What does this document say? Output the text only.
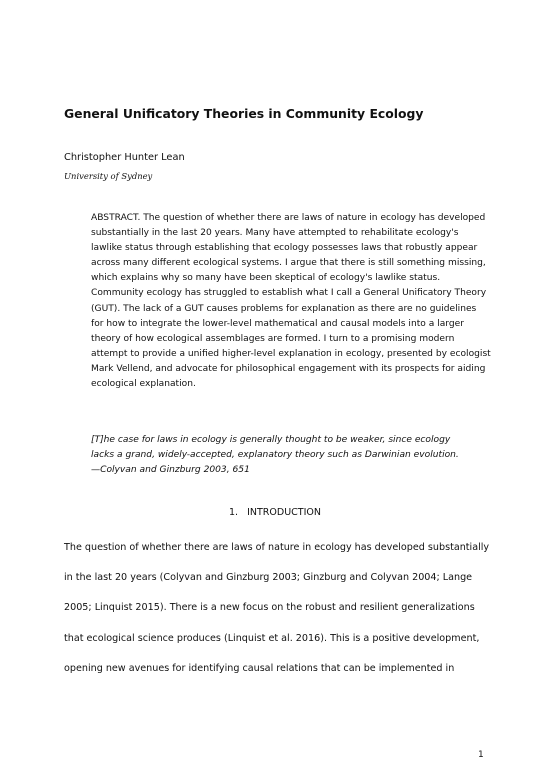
General Unificatory Theories in Community Ecology
Christopher Hunter Lean
University of Sydney

ABSTRACT. The question of whether there are laws of nature in ecology has developed substantially in the last 20 years. Many have attempted to rehabilitate ecology's lawlike status through establishing that ecology possesses laws that robustly appear across many different ecological systems. I argue that there is still something missing, which explains why so many have been skeptical of ecology's lawlike status. Community ecology has struggled to establish what I call a General Unificatory Theory (GUT). The lack of a GUT causes problems for explanation as there are no guidelines for how to integrate the lower-level mathematical and causal models into a larger theory of how ecological assemblages are formed. I turn to a promising modern attempt to provide a unified higher-level explanation in ecology, presented by ecologist Mark Vellend, and advocate for philosophical engagement with its prospects for aiding ecological explanation.

[T]he case for laws in ecology is generally thought to be weaker, since ecology
lacks a grand, widely-accepted, explanatory theory such as Darwinian evolution.
—Colyvan and Ginzburg 2003, 651
1. INTRODUCTION
The question of whether there are laws of nature in ecology has developed substantially
in the last 20 years (Colyvan and Ginzburg 2003; Ginzburg and Colyvan 2004; Lange
2005; Linquist 2015). There is a new focus on the robust and resilient generalizations
that ecological science produces (Linquist et al. 2016). This is a positive development,
opening new avenues for identifying causal relations that can be implemented in
1
